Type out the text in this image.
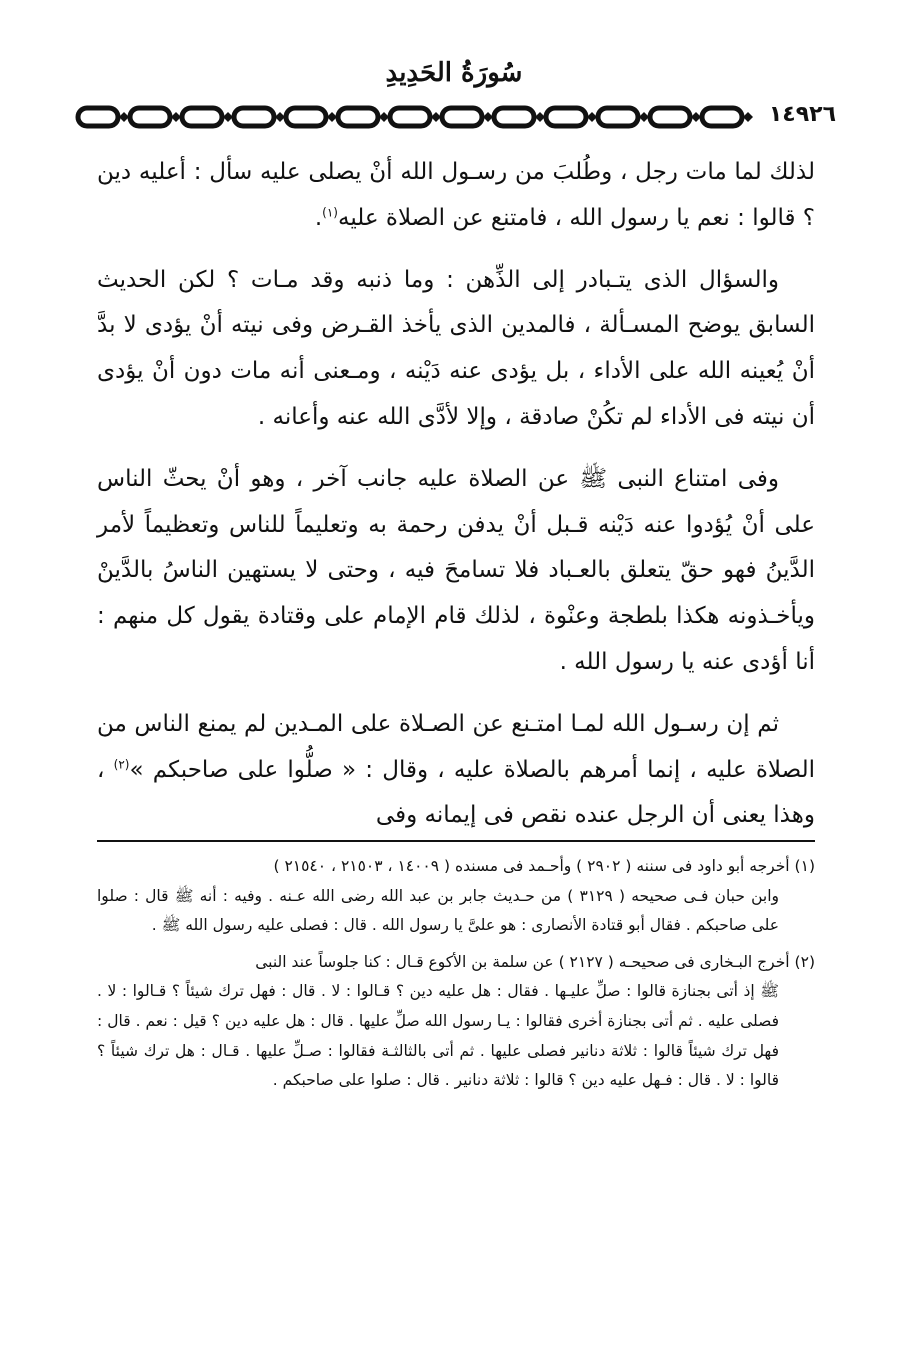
سُورَةُ الحَدِيدِ
١٤٩٢٦

لذلك لما مات رجل ، وطُلبَ من رسـول الله أنْ يصلى عليه سأل : أعليه دين ؟ قالوا : نعم يا رسول الله ، فامتنع عن الصلاة عليه$^{(١)}$.

والسؤال الذى يتـبادر إلى الذِّهن : وما ذنبه وقد مـات ؟ لكن الحديث السابق يوضح المسـألة ، فالمدين الذى يأخذ القـرض وفى نيته أنْ يؤدى لا بدَّ أنْ يُعينه الله على الأداء ، بل يؤدى عنه دَيْنه ، ومـعنى أنه مات دون أنْ يؤدى أن نيته فى الأداء لم تكُنْ صادقة ، وإلا لأدَّى الله عنه وأعانه .

وفى امتناع النبى ﷺ عن الصلاة عليه جانب آخر ، وهو أنْ يحثّ الناس على أنْ يُؤدوا عنه دَيْنه قـبل أنْ يدفن رحمة به وتعليماً للناس وتعظيماً لأمر الدَّينُ فهو حقّ يتعلق بالعـباد فلا تسامحَ فيه ، وحتى لا يستهين الناسُ بالدَّينْ ويأخـذونه هكذا بلطجة وعنْوة ، لذلك قام الإمام على وقتادة يقول كل منهم : أنا أؤدى عنه يا رسول الله .

ثم إن رسـول الله لمـا امتـنع عن الصـلاة على المـدين لم يمنع الناس من الصلاة عليه ، إنما أمرهم بالصلاة عليه ، وقال : « صلُّوا على صاحبكم »$^{(٢)}$ ، وهذا يعنى أن الرجل عنده نقص فى إيمانه وفى

(١) أخرجه أبو داود فى سننه ( ٢٩٠٢ ) وأحـمد فى مسنده ( ١٤٠٠٩ ، ٢١٥٠٣ ، ٢١٥٤٠ )
وابن حبان فـى صحيحه ( ٣١٢٩ ) من حـديث جابر بن عبد الله رضى الله عـنه . وفيه : أنه ﷺ قال : صلوا على صاحبكم . فقال أبو قتادة الأنصارى : هو علىَّ يا رسول الله . قال : فصلى عليه رسول الله ﷺ .

(٢) أخرج البـخارى فى صحيحـه ( ٢١٢٧ ) عن سلمة بن الأكوع قـال : كنا جلوساً عند النبى
ﷺ إذ أتى بجنازة قالوا : صلِّ عليـها . فقال : هل عليه دين ؟ قـالوا : لا . قال : فهل ترك شيئاً ؟ قـالوا : لا . فصلى عليه . ثم أتى بجنازة أخرى فقالوا : يـا رسول الله صلِّ عليها . قال : هل عليه دين ؟ قيل : نعم . قال : فهل ترك شيئاً قالوا : ثلاثة دنانير فصلى عليها . ثم أتى بالثالثـة فقالوا : صـلِّ عليها . قـال : هل ترك شيئاً ؟ قالوا : لا . قال : فـهل عليه دين ؟ قالوا : ثلاثة دنانير . قال : صلوا على صاحبكم .
